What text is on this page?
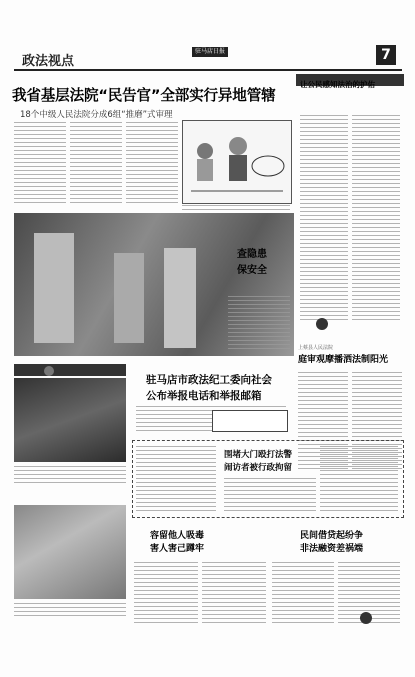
政法视点
驻马店日报	7
我省基层法院“民告官”全部实行异地管辖
18个中级人民法院分成6组“推磨”式审理
让公民感知法治的护佑
查隐患
保安全
上蔡县人民法院
庭审观摩播洒法制阳光
驻马店市政法纪工委向社会
公布举报电话和举报邮箱
围堵大门殴打法警
闹访者被行政拘留
容留他人吸毒
害人害己蹲牢
民间借贷起纷争
非法融资差祸端
